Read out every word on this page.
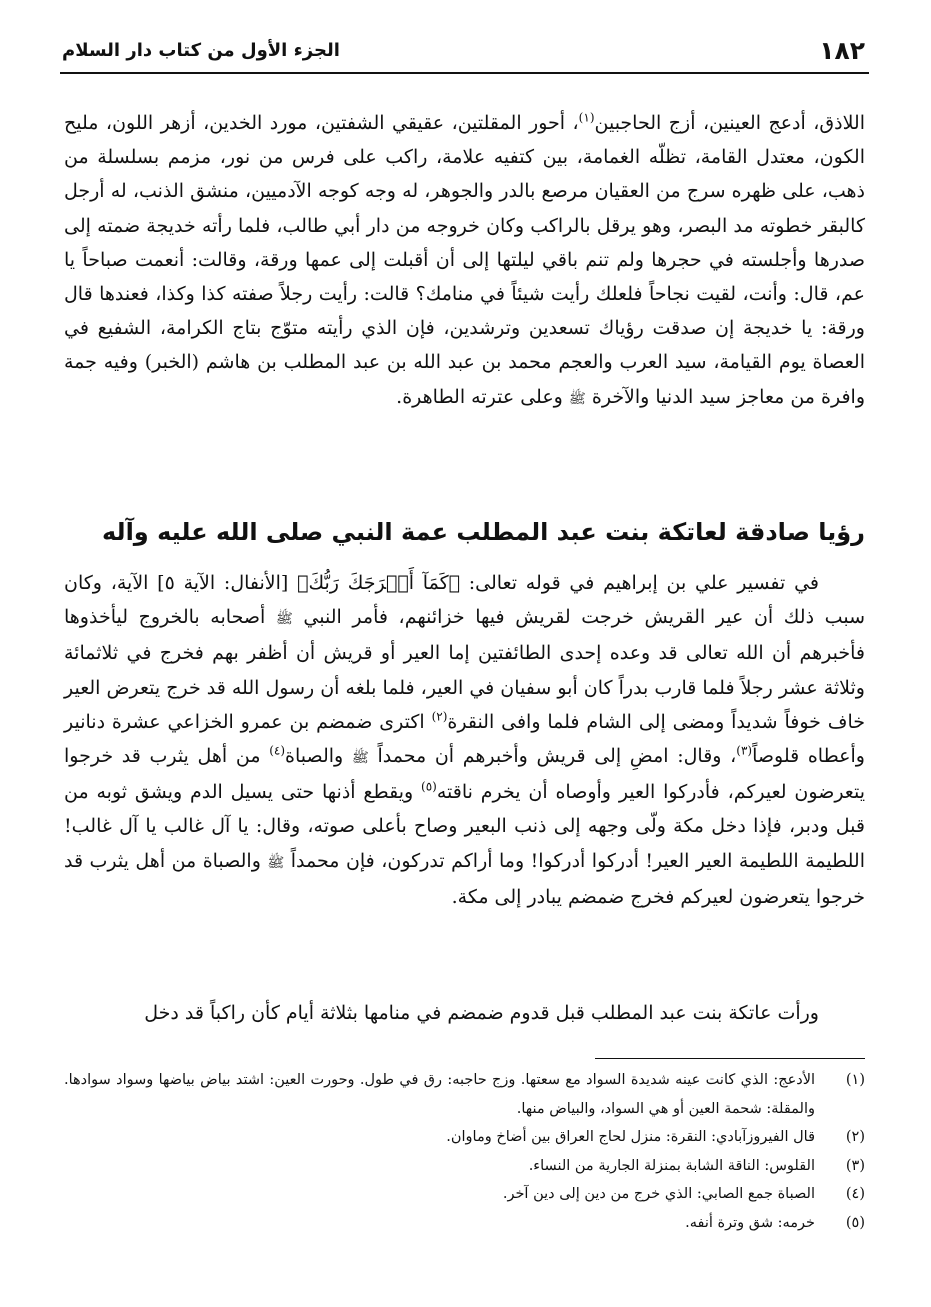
١٨٢
الجزء الأول من كتاب دار السلام

اللاذق، أدعج العينين، أزج الحاجبين$^{(١)}$، أحور المقلتين، عقيقي الشفتين، مورد الخدين، أزهر اللون، مليح الكون، معتدل القامة، تظلّه الغمامة، بين كتفيه علامة، راكب على فرس من نور، مزمم بسلسلة من ذهب، على ظهره سرج من العقيان مرصع بالدر والجوهر، له وجه كوجه الآدميين، منشق الذنب، له أرجل كالبقر خطوته مد البصر، وهو يرقل بالراكب وكان خروجه من دار أبي طالب، فلما رأته خديجة ضمته إلى صدرها وأجلسته في حجرها ولم تنم باقي ليلتها إلى أن أقبلت إلى عمها ورقة، وقالت: أنعمت صباحاً يا عم، قال: وأنت، لقيت نجاحاً فلعلك رأيت شيئاً في منامك؟ قالت: رأيت رجلاً صفته كذا وكذا، فعندها قال ورقة: يا خديجة إن صدقت رؤياك تسعدين وترشدين، فإن الذي رأيته متوّج بتاج الكرامة، الشفيع في العصاة يوم القيامة، سيد العرب والعجم محمد بن عبد الله بن عبد المطلب بن هاشم (الخبر) وفيه جمة وافرة من معاجز سيد الدنيا والآخرة ﷺ وعلى عترته الطاهرة.

رؤيا صادقة لعاتكة بنت عبد المطلب عمة النبي صلى الله عليه وآله

في تفسير علي بن إبراهيم في قوله تعالى: ﴿كَمَآ أَخۡرَجَكَ رَبُّكَ﴾ [الأنفال: الآية ٥] الآية، وكان سبب ذلك أن عير القريش خرجت لقريش فيها خزائنهم، فأمر النبي ﷺ أصحابه بالخروج ليأخذوها فأخبرهم أن الله تعالى قد وعده إحدى الطائفتين إما العير أو قريش أن أظفر بهم فخرج في ثلاثمائة وثلاثة عشر رجلاً فلما قارب بدراً كان أبو سفيان في العير، فلما بلغه أن رسول الله قد خرج يتعرض العير خاف خوفاً شديداً ومضى إلى الشام فلما وافى النقرة$^{(٢)}$ اكترى ضمضم بن عمرو الخزاعي عشرة دنانير وأعطاه قلوصاً$^{(٣)}$، وقال: امضِ إلى قريش وأخبرهم أن محمداً ﷺ والصباة$^{(٤)}$ من أهل يثرب قد خرجوا يتعرضون لعيركم، فأدركوا العير وأوصاه أن يخرم ناقته$^{(٥)}$ ويقطع أذنها حتى يسيل الدم ويشق ثوبه من قبل ودبر، فإذا دخل مكة ولّى وجهه إلى ذنب البعير وصاح بأعلى صوته، وقال: يا آل غالب يا آل غالب! اللطيمة اللطيمة العير العير! أدركوا أدركوا! وما أراكم تدركون، فإن محمداً ﷺ والصباة من أهل يثرب قد خرجوا يتعرضون لعيركم فخرج ضمضم يبادر إلى مكة.

ورأت عاتكة بنت عبد المطلب قبل قدوم ضمضم في منامها بثلاثة أيام كأن راكباً قد دخل

(١)
الأدعج: الذي كانت عينه شديدة السواد مع سعتها. وزج حاجبه: رق في طول. وحورت العين: اشتد بياض بياضها وسواد سوادها. والمقلة: شحمة العين أو هي السواد، والبياض منها.
(٢)
قال الفيروزآبادي: النقرة: منزل لحاج العراق بين أضاخ وماوان.
(٣)
القلوس: الناقة الشابة بمنزلة الجارية من النساء.
(٤)
الصباة جمع الصابي: الذي خرج من دين إلى دين آخر.
(٥)
خرمه: شق وترة أنفه.
